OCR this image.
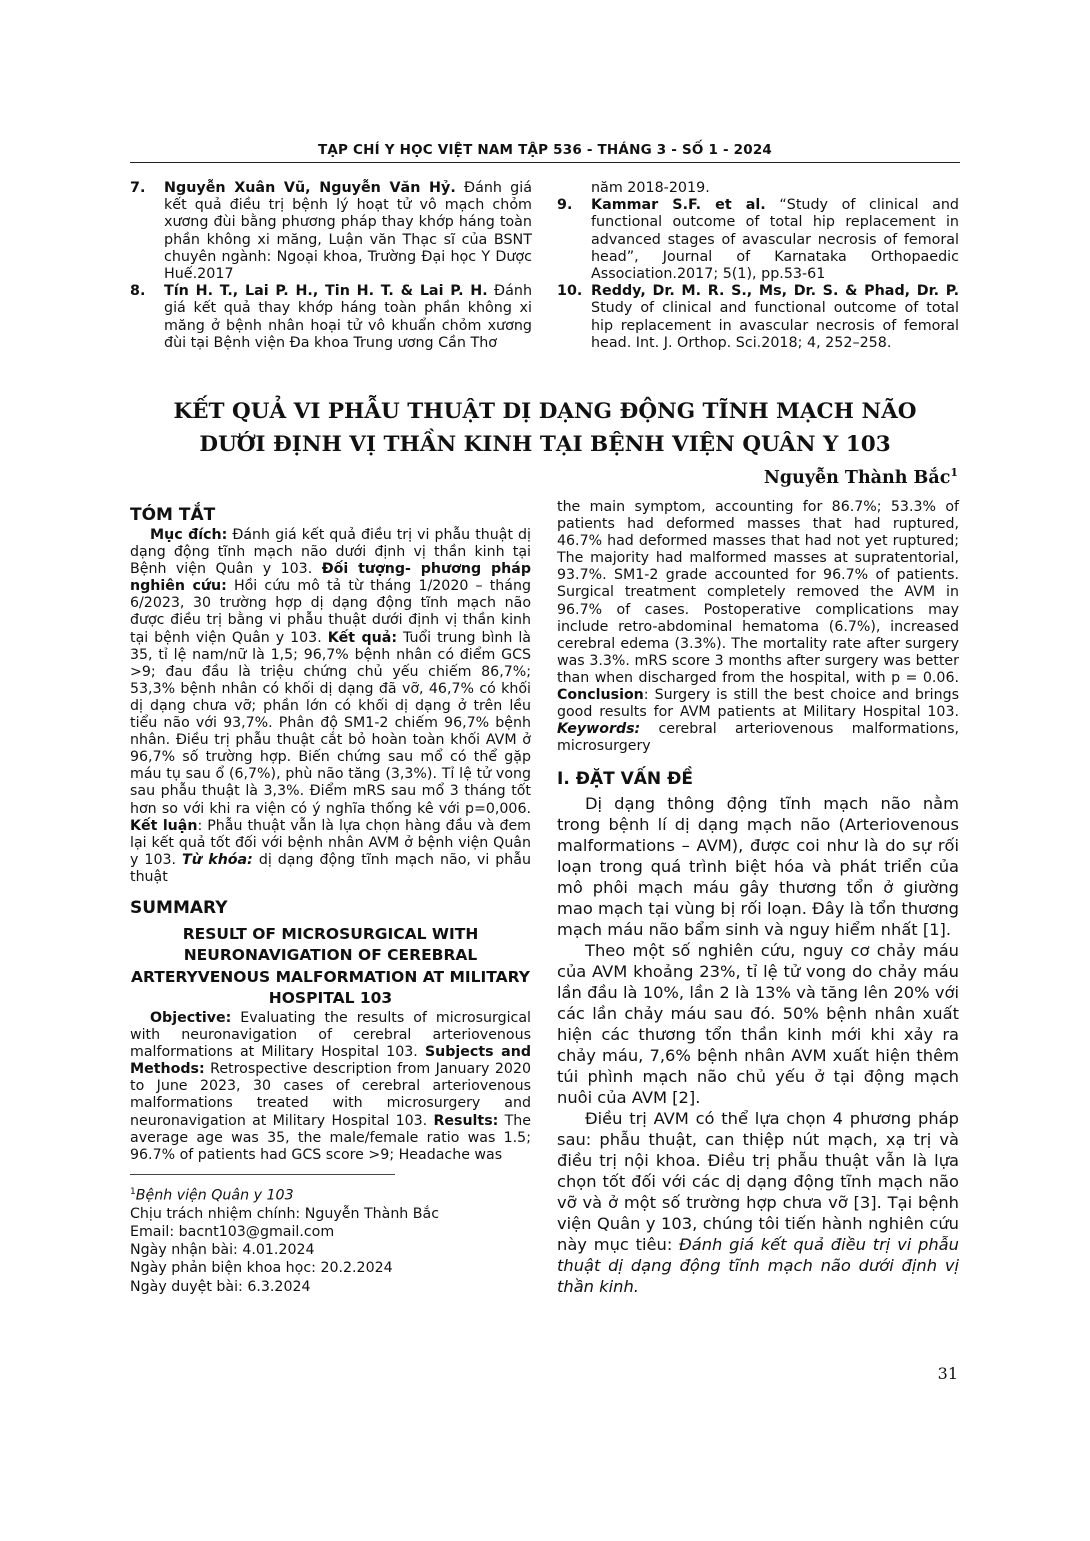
TẠP CHÍ Y HỌC VIỆT NAM TẬP 536 - THÁNG 3 - SỐ 1 - 2024

7. Nguyễn Xuân Vũ, Nguyễn Văn Hỷ. Đánh giá kết quả điều trị bệnh lý hoạt tử vô mạch chỏm xương đùi bằng phương pháp thay khớp háng toàn phần không xi măng, Luận văn Thạc sĩ của BSNT chuyên ngành: Ngoại khoa, Trường Đại học Y Dược Huế.2017

8. Tín H. T., Lai P. H., Tin H. T. & Lai P. H. Đánh giá kết quả thay khớp háng toàn phần không xi măng ở bệnh nhân hoại tử vô khuẩn chỏm xương đùi tại Bệnh viện Đa khoa Trung ương Cần Thơ

năm 2018-2019.

9. Kammar S.F. et al. “Study of clinical and functional outcome of total hip replacement in advanced stages of avascular necrosis of femoral head”, Journal of Karnataka Orthopaedic Association.2017; 5(1), pp.53-61

10. Reddy, Dr. M. R. S., Ms, Dr. S. & Phad, Dr. P. Study of clinical and functional outcome of total hip replacement in avascular necrosis of femoral head. Int. J. Orthop. Sci.2018; 4, 252–258.

KẾT QUẢ VI PHẪU THUẬT DỊ DẠNG ĐỘNG TĨNH MẠCH NÃO
DƯỚI ĐỊNH VỊ THẦN KINH TẠI BỆNH VIỆN QUÂN Y 103
Nguyễn Thành Bắc$^1$
TÓM TẮT

Mục đích: Đánh giá kết quả điều trị vi phẫu thuật dị dạng động tĩnh mạch não dưới định vị thần kinh tại Bệnh viện Quân y 103. Đối tượng- phương pháp nghiên cứu: Hồi cứu mô tả từ tháng 1/2020 – tháng 6/2023, 30 trường hợp dị dạng động tĩnh mạch não được điều trị bằng vi phẫu thuật dưới định vị thần kinh tại bệnh viện Quân y 103. Kết quả: Tuổi trung bình là 35, tỉ lệ nam/nữ là 1,5; 96,7% bệnh nhân có điểm GCS >9; đau đầu là triệu chứng chủ yếu chiếm 86,7%; 53,3% bệnh nhân có khối dị dạng đã vỡ, 46,7% có khối dị dạng chưa vỡ; phần lớn có khối dị dạng ở trên lều tiểu não với 93,7%. Phân độ SM1-2 chiếm 96,7% bệnh nhân. Điều trị phẫu thuật cắt bỏ hoàn toàn khối AVM ở 96,7% số trường hợp. Biến chứng sau mổ có thể gặp máu tụ sau ổ (6,7%), phù não tăng (3,3%). Tỉ lệ tử vong sau phẫu thuật là 3,3%. Điểm mRS sau mổ 3 tháng tốt hơn so với khi ra viện có ý nghĩa thống kê với p=0,006. Kết luận: Phẫu thuật vẫn là lựa chọn hàng đầu và đem lại kết quả tốt đối với bệnh nhân AVM ở bệnh viện Quân y 103. Từ khóa: dị dạng động tĩnh mạch não, vi phẫu thuật

SUMMARY
RESULT OF MICROSURGICAL WITH NEURONAVIGATION OF CEREBRAL ARTERYVENOUS MALFORMATION AT MILITARY HOSPITAL 103

Objective: Evaluating the results of microsurgical with neuronavigation of cerebral arteriovenous malformations at Military Hospital 103. Subjects and Methods: Retrospective description from January 2020 to June 2023, 30 cases of cerebral arteriovenous malformations treated with microsurgery and neuronavigation at Military Hospital 103. Results: The average age was 35, the male/female ratio was 1.5; 96.7% of patients had GCS score >9; Headache was

$^1$Bệnh viện Quân y 103

Chịu trách nhiệm chính: Nguyễn Thành Bắc

Email: bacnt103@gmail.com

Ngày nhận bài: 4.01.2024

Ngày phản biện khoa học: 20.2.2024

Ngày duyệt bài: 6.3.2024

the main symptom, accounting for 86.7%; 53.3% of patients had deformed masses that had ruptured, 46.7% had deformed masses that had not yet ruptured; The majority had malformed masses at supratentorial, 93.7%. SM1-2 grade accounted for 96.7% of patients. Surgical treatment completely removed the AVM in 96.7% of cases. Postoperative complications may include retro-abdominal hematoma (6.7%), increased cerebral edema (3.3%). The mortality rate after surgery was 3.3%. mRS score 3 months after surgery was better than when discharged from the hospital, with p = 0.06. Conclusion: Surgery is still the best choice and brings good results for AVM patients at Military Hospital 103. Keywords: cerebral arteriovenous malformations, microsurgery

I. ĐẶT VẤN ĐỀ

Dị dạng thông động tĩnh mạch não nằm trong bệnh lí dị dạng mạch não (Arteriovenous malformations – AVM), được coi như là do sự rối loạn trong quá trình biệt hóa và phát triển của mô phôi mạch máu gây thương tổn ở giường mao mạch tại vùng bị rối loạn. Đây là tổn thương mạch máu não bẩm sinh và nguy hiểm nhất [1].

Theo một số nghiên cứu, nguy cơ chảy máu của AVM khoảng 23%, tỉ lệ tử vong do chảy máu lần đầu là 10%, lần 2 là 13% và tăng lên 20% với các lần chảy máu sau đó. 50% bệnh nhân xuất hiện các thương tổn thần kinh mới khi xảy ra chảy máu, 7,6% bệnh nhân AVM xuất hiện thêm túi phình mạch não chủ yếu ở tại động mạch nuôi của AVM [2].

Điều trị AVM có thể lựa chọn 4 phương pháp sau: phẫu thuật, can thiệp nút mạch, xạ trị và điều trị nội khoa. Điều trị phẫu thuật vẫn là lựa chọn tốt đối với các dị dạng động tĩnh mạch não vỡ và ở một số trường hợp chưa vỡ [3]. Tại bệnh viện Quân y 103, chúng tôi tiến hành nghiên cứu này mục tiêu: Đánh giá kết quả điều trị vi phẫu thuật dị dạng động tĩnh mạch não dưới định vị thần kinh.

31
